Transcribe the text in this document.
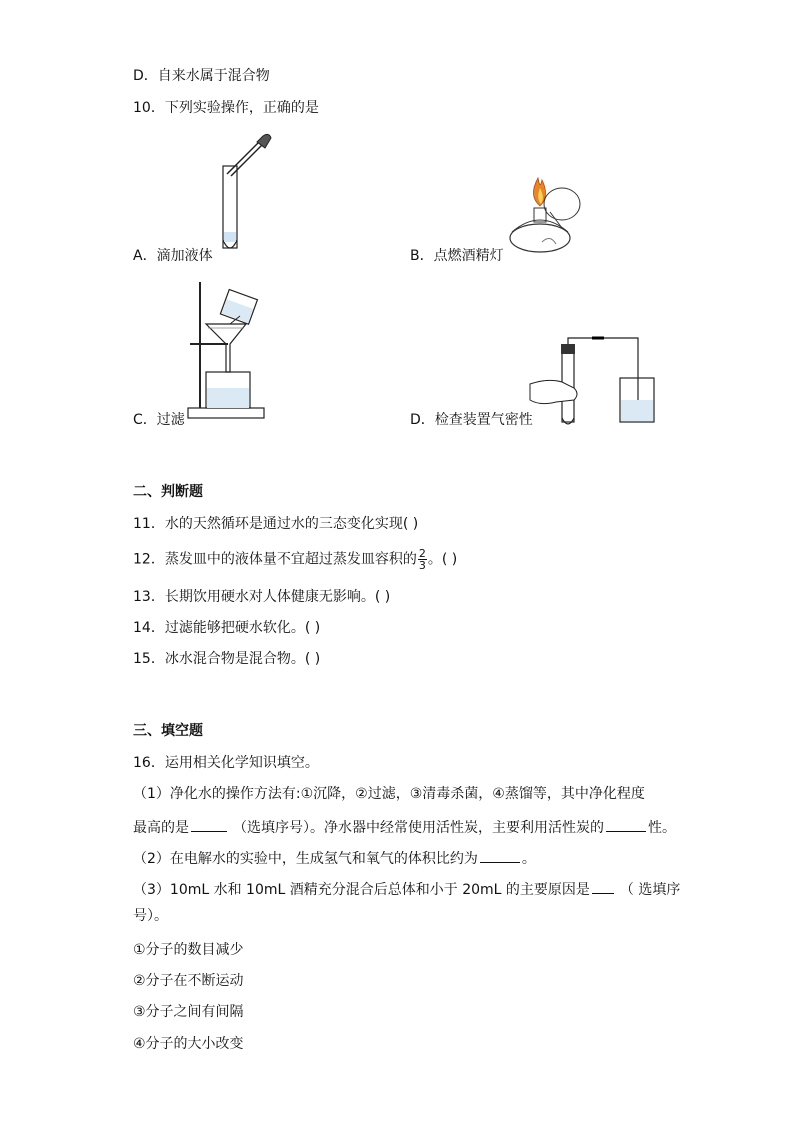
D．自来水属于混合物
10．下列实验操作，正确的是
A．滴加液体	B．点燃酒精灯
C．过滤	D．检查装置气密性
二、判断题
11．水的天然循环是通过水的三态变化实现( )
12．蒸发皿中的液体量不宜超过蒸发皿容积的 $\frac{2}{3}$ 。( )
13．长期饮用硬水对人体健康无影响。( )
14．过滤能够把硬水软化。( )
15．冰水混合物是混合物。( )
三、填空题
16．运用相关化学知识填空。
（1）净化水的操作方法有:①沉降，②过滤，③清毒杀菌，④蒸馏等，其中净化程度
最高的是	（选填序号）。净水器中经常使用活性炭，主要利用活性炭的	性。
（2）在电解水的实验中，生成氢气和氧气的体积比约为	。
（3）10mL 水和 10mL 酒精充分混合后总体和小于 20mL 的主要原因是 （ 选填序
号）。
①分子的数目减少
②分子在不断运动
③分子之间有间隔
④分子的大小改变
